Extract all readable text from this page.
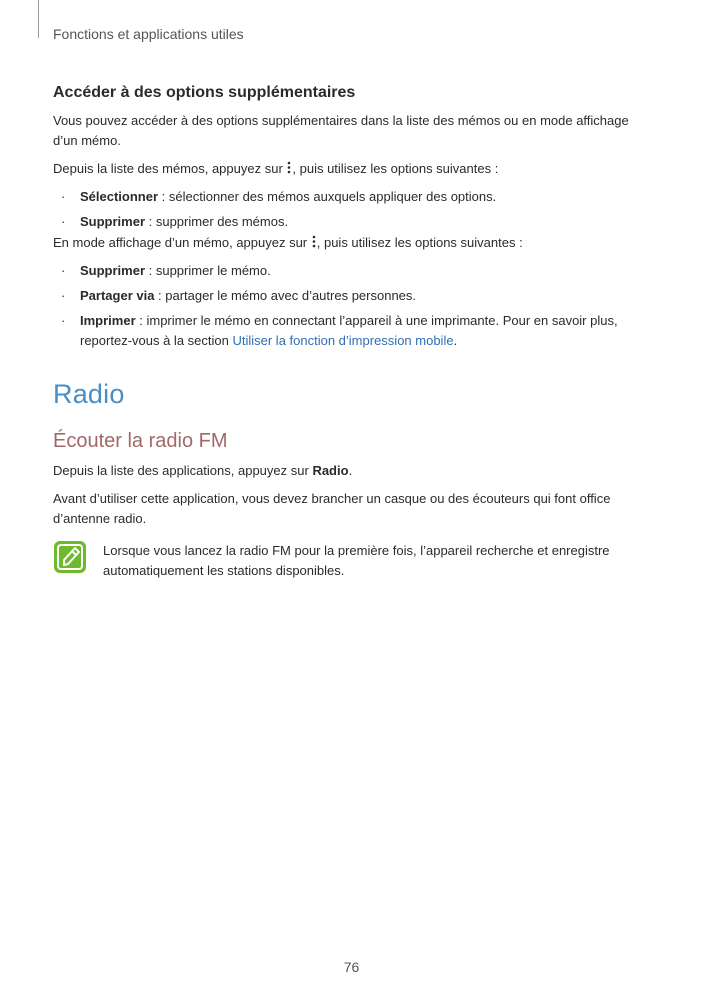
Fonctions et applications utiles
Accéder à des options supplémentaires

Vous pouvez accéder à des options supplémentaires dans la liste des mémos ou en mode affichage d’un mémo.

Depuis la liste des mémos, appuyez sur , puis utilisez les options suivantes :

· Sélectionner : sélectionner des mémos auxquels appliquer des options.
· Supprimer : supprimer des mémos.

En mode affichage d’un mémo, appuyez sur , puis utilisez les options suivantes :

· Supprimer : supprimer le mémo.
· Partager via : partager le mémo avec d’autres personnes.
· Imprimer : imprimer le mémo en connectant l’appareil à une imprimante. Pour en savoir plus, reportez-vous à la section Utiliser la fonction d’impression mobile.
Radio
Écouter la radio FM

Depuis la liste des applications, appuyez sur Radio.

Avant d’utiliser cette application, vous devez brancher un casque ou des écouteurs qui font office d’antenne radio.

Lorsque vous lancez la radio FM pour la première fois, l’appareil recherche et enregistre automatiquement les stations disponibles.

76
